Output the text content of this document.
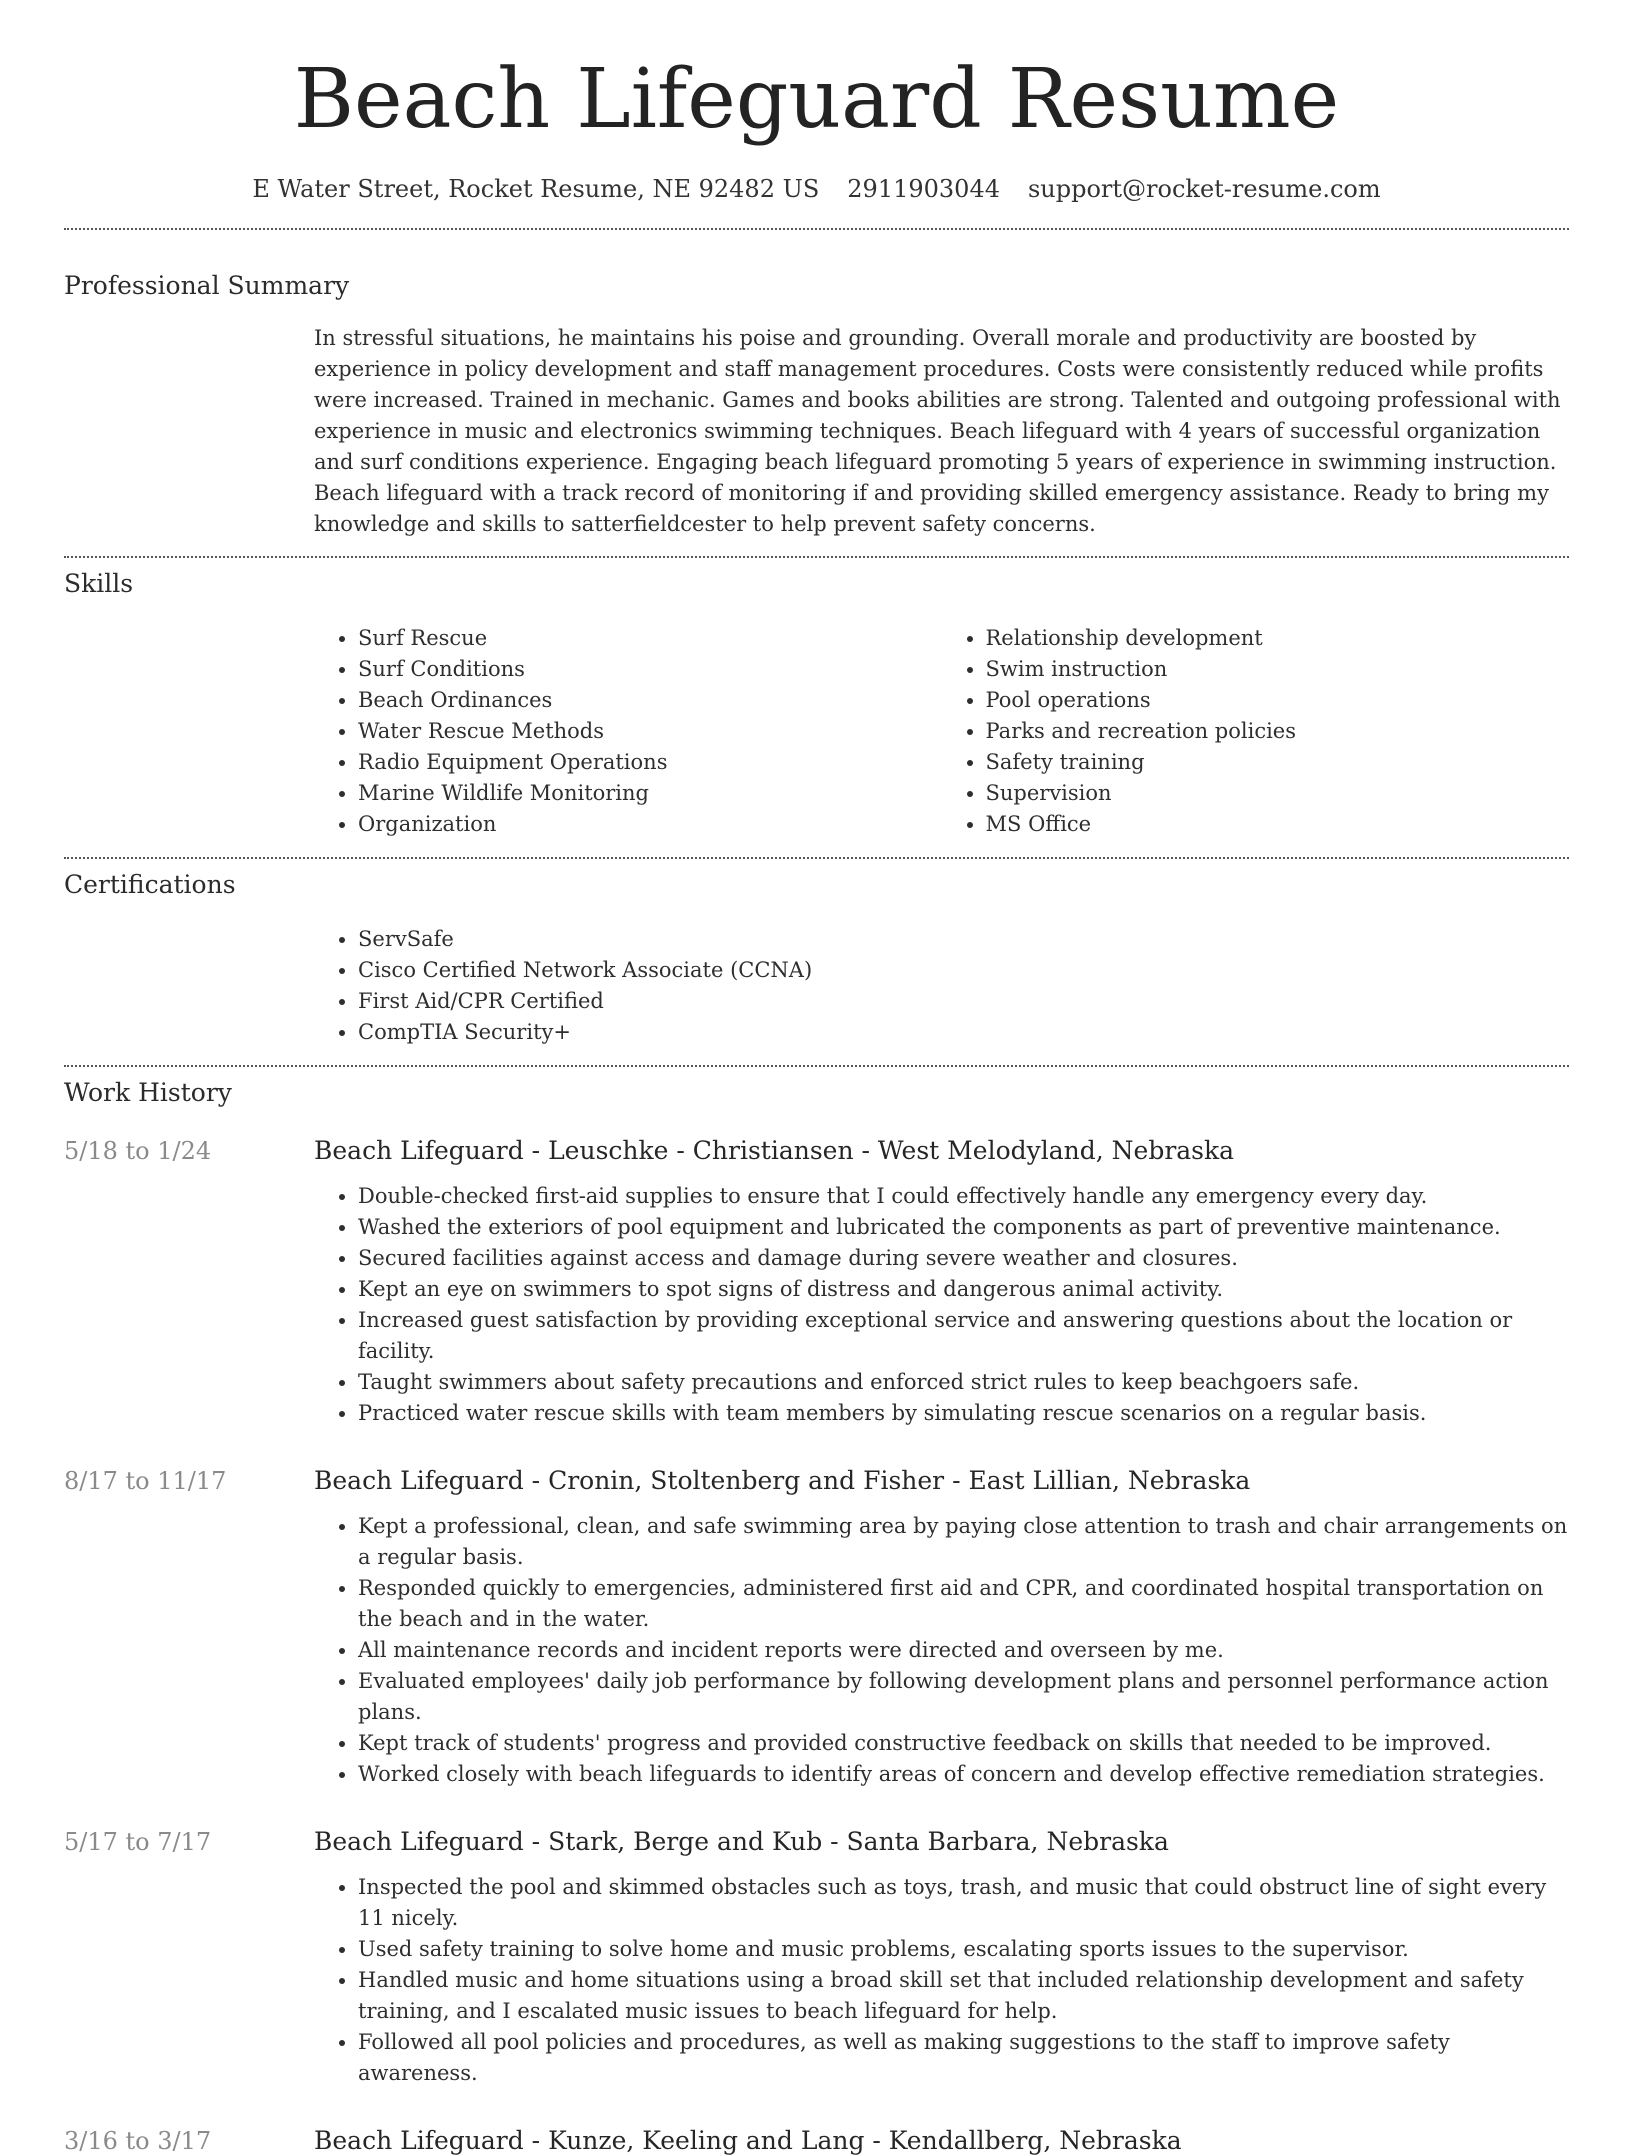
Beach Lifeguard Resume
E Water Street, Rocket Resume, NE 92482 US 2911903044 support@rocket-resume.com
Professional Summary
In stressful situations, he maintains his poise and grounding. Overall morale and productivity are boosted by experience in policy development and staff management procedures. Costs were consistently reduced while profits were increased. Trained in mechanic. Games and books abilities are strong. Talented and outgoing professional with experience in music and electronics swimming techniques. Beach lifeguard with 4 years of successful organization and surf conditions experience. Engaging beach lifeguard promoting 5 years of experience in swimming instruction. Beach lifeguard with a track record of monitoring if and providing skilled emergency assistance. Ready to bring my knowledge and skills to satterfieldcester to help prevent safety concerns.
Skills
• Surf Rescue
• Surf Conditions
• Beach Ordinances
• Water Rescue Methods
• Radio Equipment Operations
• Marine Wildlife Monitoring
• Organization
• Relationship development
• Swim instruction
• Pool operations
• Parks and recreation policies
• Safety training
• Supervision
• MS Office
Certifications
• ServSafe
• Cisco Certified Network Associate (CCNA)
• First Aid/CPR Certified
• CompTIA Security+
Work History
5/18 to 1/24	Beach Lifeguard - Leuschke - Christiansen - West Melodyland, Nebraska
• Double-checked first-aid supplies to ensure that I could effectively handle any emergency every day.
• Washed the exteriors of pool equipment and lubricated the components as part of preventive maintenance.
• Secured facilities against access and damage during severe weather and closures.
• Kept an eye on swimmers to spot signs of distress and dangerous animal activity.
• Increased guest satisfaction by providing exceptional service and answering questions about the location or facility.
• Taught swimmers about safety precautions and enforced strict rules to keep beachgoers safe.
• Practiced water rescue skills with team members by simulating rescue scenarios on a regular basis.
8/17 to 11/17	Beach Lifeguard - Cronin, Stoltenberg and Fisher - East Lillian, Nebraska
• Kept a professional, clean, and safe swimming area by paying close attention to trash and chair arrangements on a regular basis.
• Responded quickly to emergencies, administered first aid and CPR, and coordinated hospital transportation on the beach and in the water.
• All maintenance records and incident reports were directed and overseen by me.
• Evaluated employees' daily job performance by following development plans and personnel performance action plans.
• Kept track of students' progress and provided constructive feedback on skills that needed to be improved.
• Worked closely with beach lifeguards to identify areas of concern and develop effective remediation strategies.
5/17 to 7/17	Beach Lifeguard - Stark, Berge and Kub - Santa Barbara, Nebraska
• Inspected the pool and skimmed obstacles such as toys, trash, and music that could obstruct line of sight every 11 nicely.
• Used safety training to solve home and music problems, escalating sports issues to the supervisor.
• Handled music and home situations using a broad skill set that included relationship development and safety training, and I escalated music issues to beach lifeguard for help.
• Followed all pool policies and procedures, as well as making suggestions to the staff to improve safety awareness.
3/16 to 3/17	Beach Lifeguard - Kunze, Keeling and Lang - Kendallberg, Nebraska
